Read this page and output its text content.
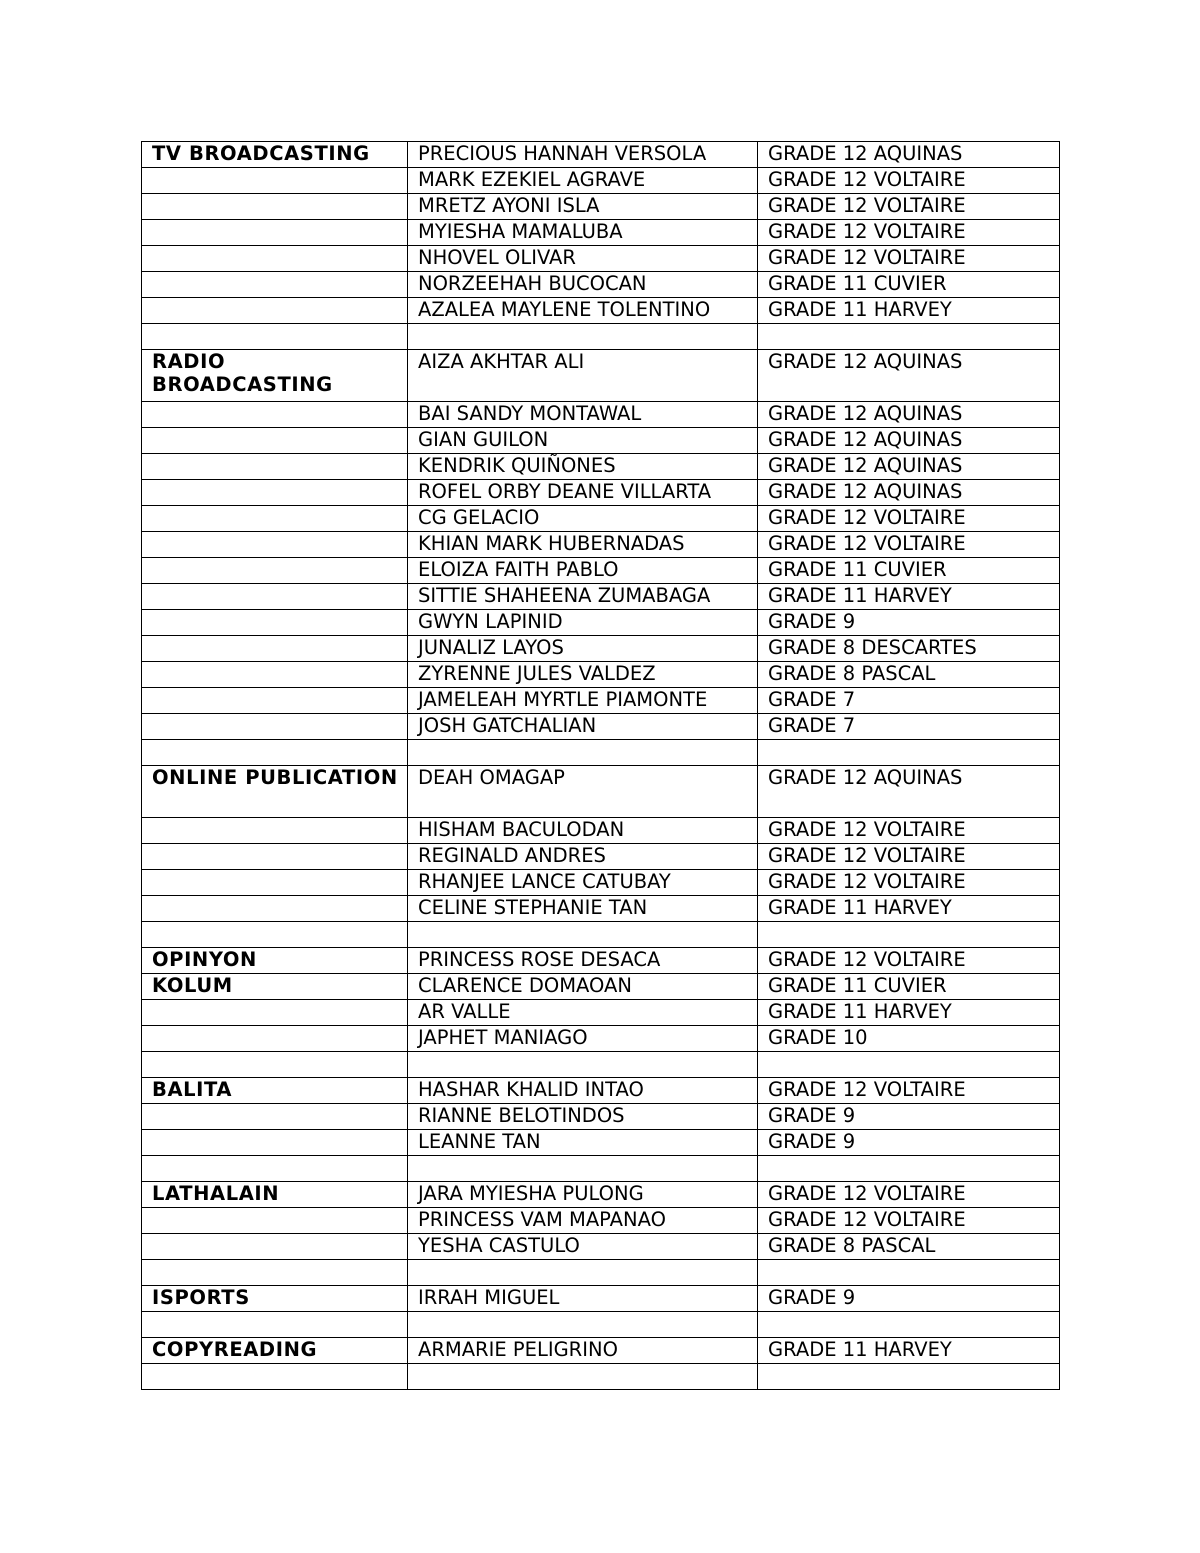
TV BROADCASTING	PRECIOUS HANNAH VERSOLA	GRADE 12 AQUINAS
	MARK EZEKIEL AGRAVE	GRADE 12 VOLTAIRE
	MRETZ AYONI ISLA	GRADE 12 VOLTAIRE
	MYIESHA MAMALUBA	GRADE 12 VOLTAIRE
	NHOVEL OLIVAR	GRADE 12 VOLTAIRE
	NORZEEHAH BUCOCAN	GRADE 11 CUVIER
	AZALEA MAYLENE TOLENTINO	GRADE 11 HARVEY

RADIO BROADCASTING	AIZA AKHTAR ALI	GRADE 12 AQUINAS
	BAI SANDY MONTAWAL	GRADE 12 AQUINAS
	GIAN GUILON	GRADE 12 AQUINAS
	KENDRIK QUIÑONES	GRADE 12 AQUINAS
	ROFEL ORBY DEANE VILLARTA	GRADE 12 AQUINAS
	CG GELACIO	GRADE 12 VOLTAIRE
	KHIAN MARK HUBERNADAS	GRADE 12 VOLTAIRE
	ELOIZA FAITH PABLO	GRADE 11 CUVIER
	SITTIE SHAHEENA ZUMABAGA	GRADE 11 HARVEY
	GWYN LAPINID	GRADE 9
	JUNALIZ LAYOS	GRADE 8 DESCARTES
	ZYRENNE JULES VALDEZ	GRADE 8 PASCAL
	JAMELEAH MYRTLE PIAMONTE	GRADE 7
	JOSH GATCHALIAN	GRADE 7

ONLINE PUBLICATION	DEAH OMAGAP	GRADE 12 AQUINAS
	HISHAM BACULODAN	GRADE 12 VOLTAIRE
	REGINALD ANDRES	GRADE 12 VOLTAIRE
	RHANJEE LANCE CATUBAY	GRADE 12 VOLTAIRE
	CELINE STEPHANIE TAN	GRADE 11 HARVEY

OPINYON	PRINCESS ROSE DESACA	GRADE 12 VOLTAIRE
KOLUM	CLARENCE DOMAOAN	GRADE 11 CUVIER
	AR VALLE	GRADE 11 HARVEY
	JAPHET MANIAGO	GRADE 10

BALITA	HASHAR KHALID INTAO	GRADE 12 VOLTAIRE
	RIANNE BELOTINDOS	GRADE 9
	LEANNE TAN	GRADE 9

LATHALAIN	JARA MYIESHA PULONG	GRADE 12 VOLTAIRE
	PRINCESS VAM MAPANAO	GRADE 12 VOLTAIRE
	YESHA CASTULO	GRADE 8 PASCAL

ISPORTS	IRRAH MIGUEL	GRADE 9

COPYREADING	ARMARIE PELIGRINO	GRADE 11 HARVEY
